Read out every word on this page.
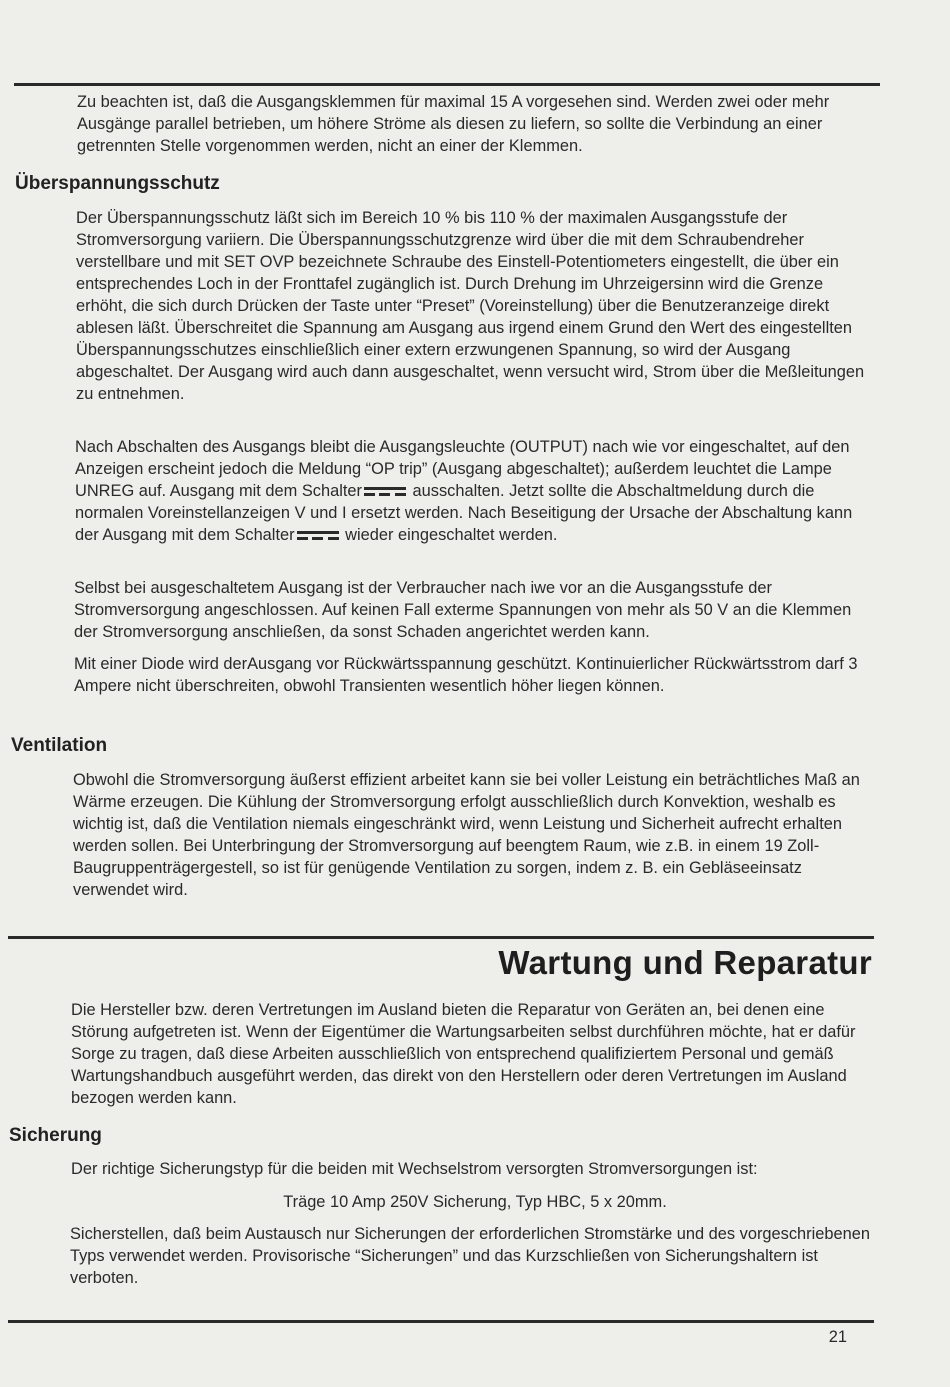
Zu beachten ist, daß die Ausgangsklemmen für maximal 15 A vorgesehen sind. Werden zwei oder mehr Ausgänge parallel betrieben, um höhere Ströme als diesen zu liefern, so sollte die Verbindung an einer getrennten Stelle vorgenommen werden, nicht an einer der Klemmen.

Überspannungsschutz

Der Überspannungsschutz läßt sich im Bereich 10 % bis 110 % der maximalen Ausgangsstufe der Stromversorgung variiern. Die Überspannungsschutzgrenze wird über die mit dem Schraubendreher verstellbare und mit SET OVP bezeichnete Schraube des Einstell-Potentiometers eingestellt, die über ein entsprechendes Loch in der Fronttafel zugänglich ist. Durch Drehung im Uhrzeigersinn wird die Grenze erhöht, die sich durch Drücken der Taste unter “Preset” (Voreinstellung) über die Benutzeranzeige direkt ablesen läßt. Überschreitet die Spannung am Ausgang aus irgend einem Grund den Wert des eingestellten Überspannungsschutzes einschließlich einer extern erzwungenen Spannung, so wird der Ausgang abgeschaltet. Der Ausgang wird auch dann ausgeschaltet, wenn versucht wird, Strom über die Meßleitungen zu entnehmen.

Nach Abschalten des Ausgangs bleibt die Ausgangsleuchte (OUTPUT) nach wie vor eingeschaltet, auf den Anzeigen erscheint jedoch die Meldung “OP trip” (Ausgang abgeschaltet); außerdem leuchtet die Lampe UNREG auf. Ausgang mit dem Schalter	ausschalten. Jetzt sollte die Abschaltmeldung durch die normalen Voreinstellanzeigen V und I ersetzt werden. Nach Beseitigung der Ursache der Abschaltung kann der Ausgang mit dem Schalter	wieder eingeschaltet werden.

Selbst bei ausgeschaltetem Ausgang ist der Verbraucher nach iwe vor an die Ausgangsstufe der Stromversorgung angeschlossen. Auf keinen Fall exterme Spannungen von mehr als 50 V an die Klemmen der Stromversorgung anschließen, da sonst Schaden angerichtet werden kann.

Mit einer Diode wird derAusgang vor Rückwärtsspannung geschützt. Kontinuierlicher Rückwärtsstrom darf 3 Ampere nicht überschreiten, obwohl Transienten wesentlich höher liegen können.

Ventilation

Obwohl die Stromversorgung äußerst effizient arbeitet kann sie bei voller Leistung ein beträchtliches Maß an Wärme erzeugen. Die Kühlung der Stromversorgung erfolgt ausschließlich durch Konvektion, weshalb es wichtig ist, daß die Ventilation niemals eingeschränkt wird, wenn Leistung und Sicherheit aufrecht erhalten werden sollen. Bei Unterbringung der Stromversorgung auf beengtem Raum, wie z.B. in einem 19 Zoll-Baugruppenträgergestell, so ist für genügende Ventilation zu sorgen, indem z. B. ein Gebläseeinsatz verwendet wird.

Wartung und Reparatur

Die Hersteller bzw. deren Vertretungen im Ausland bieten die Reparatur von Geräten an, bei denen eine Störung aufgetreten ist. Wenn der Eigentümer die Wartungsarbeiten selbst durchführen möchte, hat er dafür Sorge zu tragen, daß diese Arbeiten ausschließlich von entsprechend qualifiziertem Personal und gemäß Wartungshandbuch ausgeführt werden, das direkt von den Herstellern oder deren Vertretungen im Ausland bezogen werden kann.

Sicherung

Der richtige Sicherungstyp für die beiden mit Wechselstrom versorgten Stromversorgungen ist:

Träge 10 Amp 250V Sicherung, Typ HBC, 5 x 20mm.

Sicherstellen, daß beim Austausch nur Sicherungen der erforderlichen Stromstärke und des vorgeschriebenen Typs verwendet werden. Provisorische “Sicherungen” und das Kurzschließen von Sicherungshaltern ist verboten.

21
